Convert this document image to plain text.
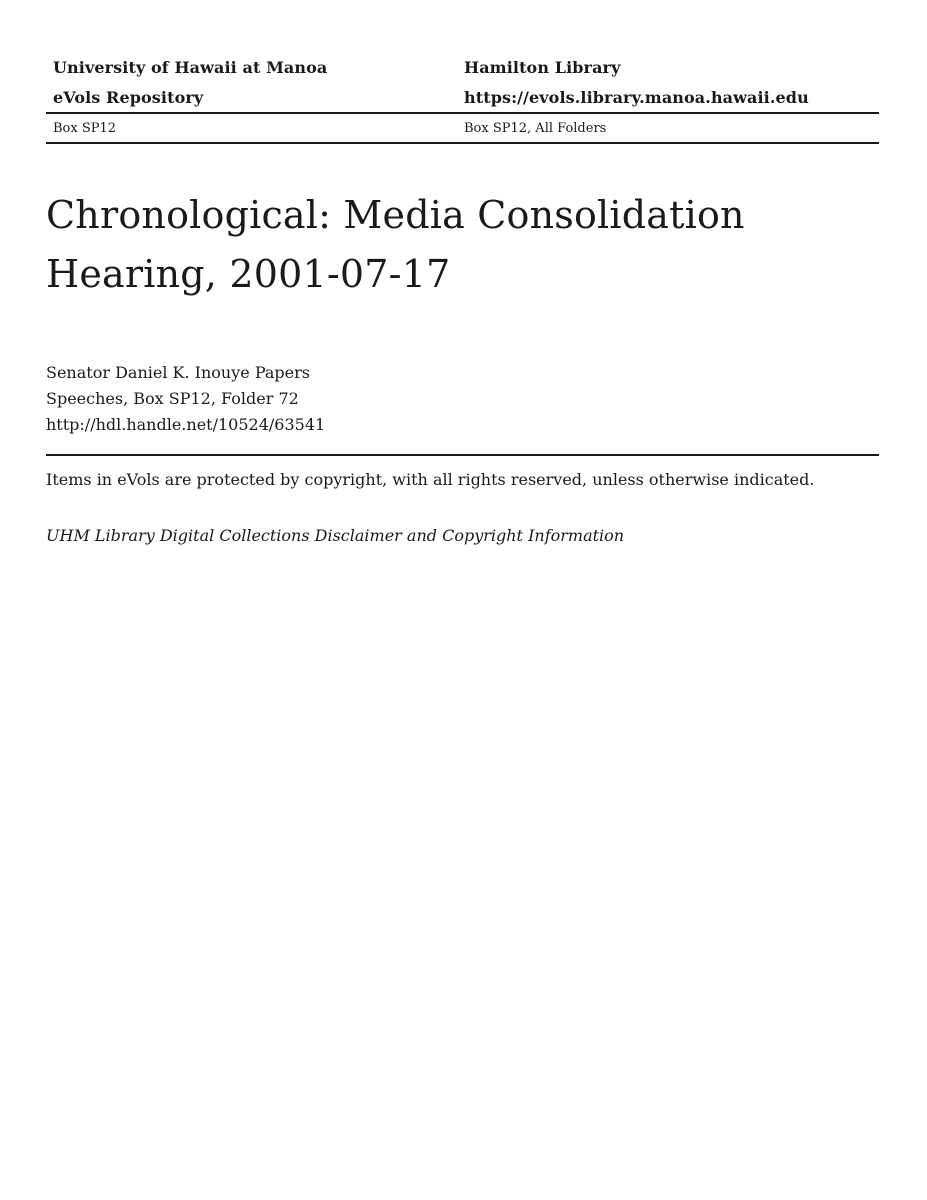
University of Hawaii at Manoa	Hamilton Library
eVols Repository	https://evols.library.manoa.hawaii.edu
Box SP12	Box SP12, All Folders
Chronological: Media Consolidation
Hearing, 2001-07-17
Senator Daniel K. Inouye Papers
Speeches, Box SP12, Folder 72
http://hdl.handle.net/10524/63541
Items in eVols are protected by copyright, with all rights reserved, unless otherwise indicated.
UHM Library Digital Collections Disclaimer and Copyright Information
